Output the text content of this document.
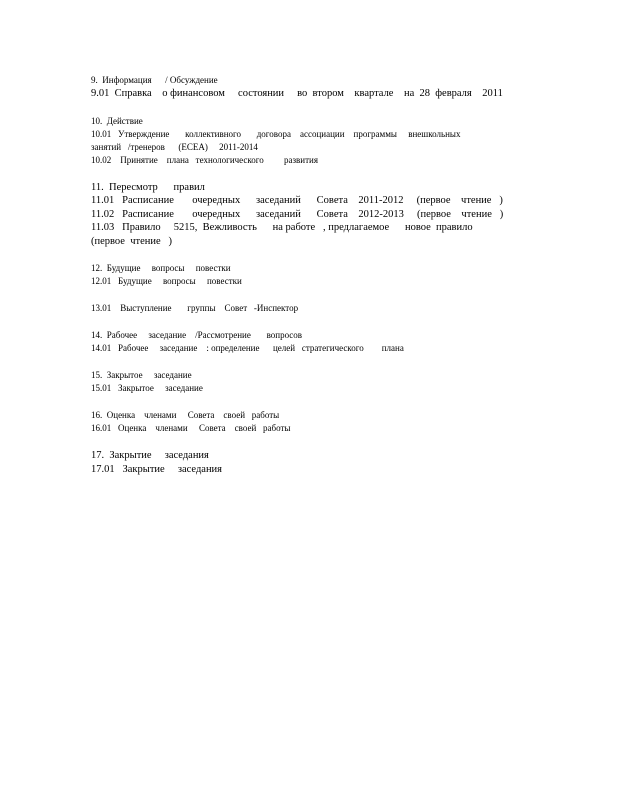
9.  Информация      / Обсуждение
9.01  Справка    о финансовом     состоянии     во  втором    квартале    на  28  февраля    2011
10.  Действие
10.01   Утверждение       коллективного       договора    ассоциации    программы     внешкольных
занятий   /тренеров      (ECEA)     2011-2014
10.02    Принятие    плана   технологического         развития
11.  Пересмотр      правил
11.01   Расписание       очередных      заседаний      Совета    2011-2012     (первое    чтение   )
11.02   Расписание       очередных      заседаний      Совета    2012-2013     (первое    чтение   )
11.03   Правило     5215,  Вежливость      на работе   , предлагаемое      новое  правило    (первое  чтение   )
12.  Будущие     вопросы     повестки
12.01   Будущие     вопросы     повестки
13.01    Выступление       группы    Совет   -Инспектор
14.  Рабочее     заседание    /Рассмотрение       вопросов
14.01   Рабочее     заседание    : определение      целей   стратегического        плана
15.  Закрытое     заседание
15.01   Закрытое     заседание
16.  Оценка    членами     Совета    своей   работы
16.01   Оценка    членами     Совета    своей   работы
17.  Закрытие     заседания
17.01   Закрытие     заседания
